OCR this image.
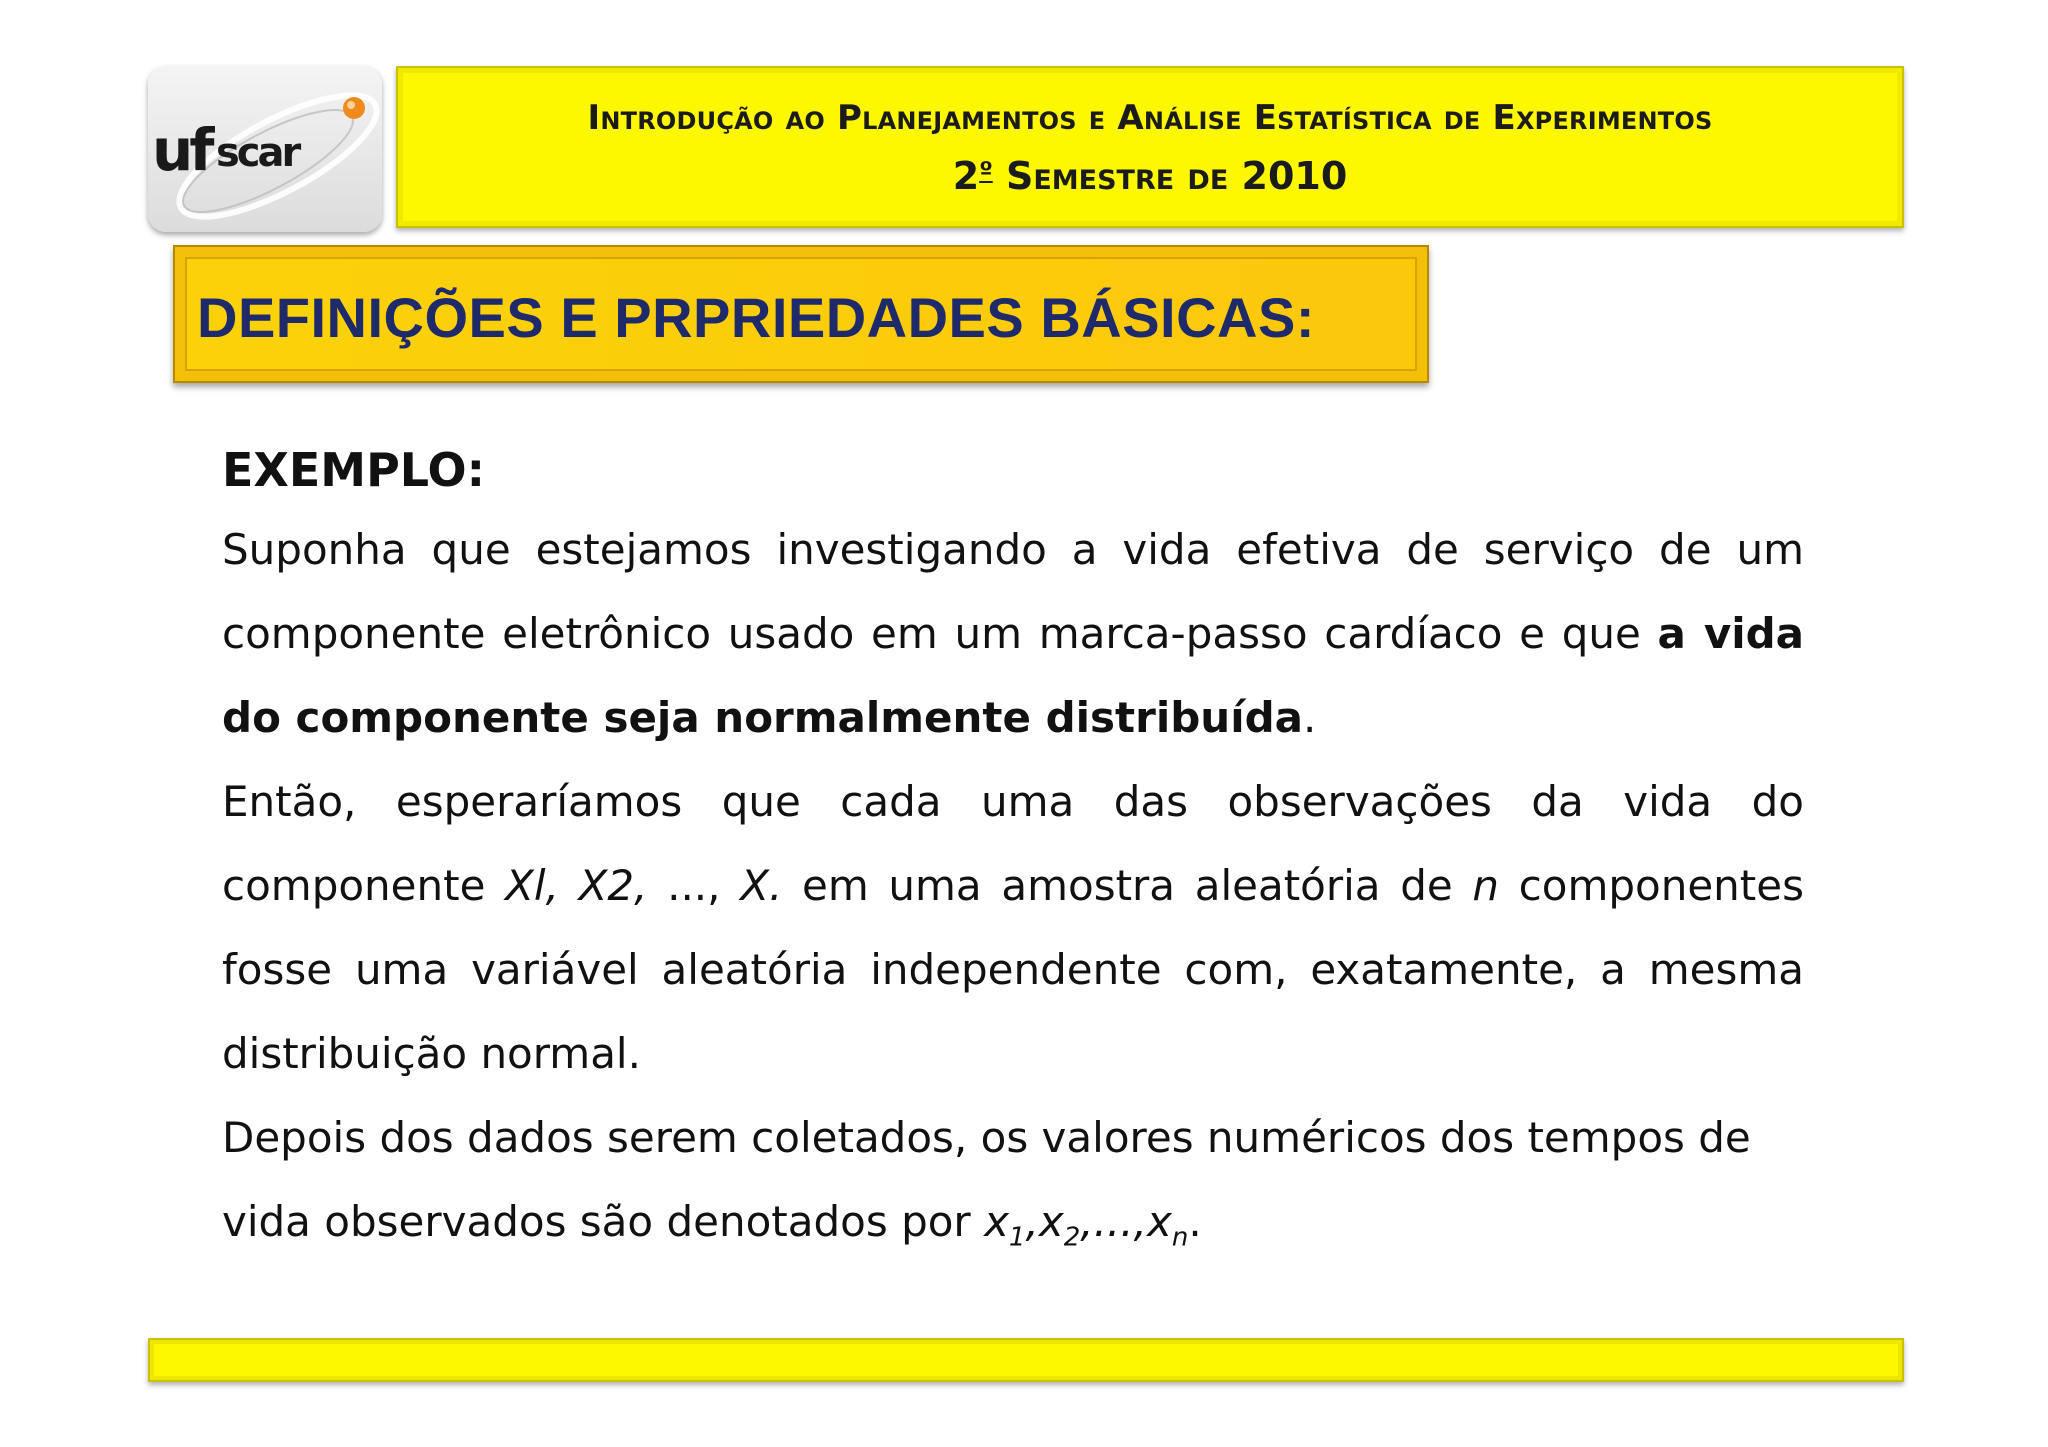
uf scar
Introdução ao Planejamentos e Análise Estatística de Experimentos
$2^º$ Semestre de 2010
DEFINIÇÕES E PRPRIEDADES BÁSICAS:
EXEMPLO:

Suponha que estejamos investigando a vida efetiva de serviço de um componente eletrônico usado em um marca-passo cardíaco e que a vida do componente seja normalmente distribuída.

Então, esperaríamos que cada uma das observações da vida do componente Xl, X2, ..., X. em uma amostra aleatória de n componentes fosse uma variável aleatória independente com, exatamente, a mesma distribuição normal.

Depois dos dados serem coletados, os valores numéricos dos tempos de vida observados são denotados por $x_1,x_2,...,x_n$.
